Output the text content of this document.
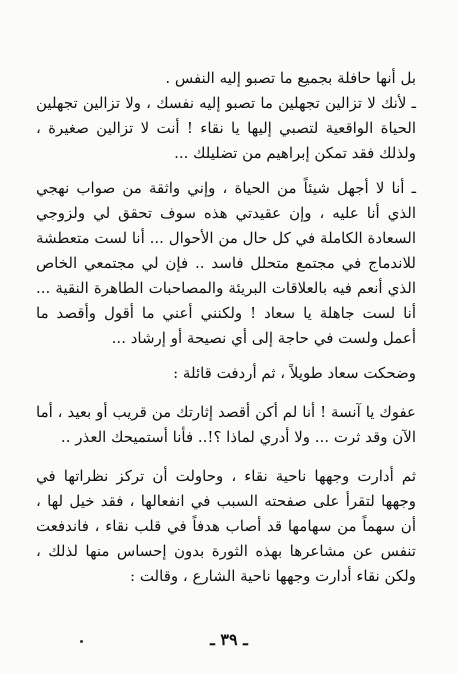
بل أنها حافلة بجميع ما تصبو إليه النفس .

ـ لأنك لا تزالين تجهلين ما تصبو إليه نفسك ، ولا تزالين تجهلين الحياة الواقعية لتصبي إليها يا نقاء ! أنت لا تزالين صغيرة ، ولذلك فقد تمكن إبراهيم من تضليلك ...

ـ أنا لا أجهل شيئاً من الحياة ، وإني واثقة من صواب نهجي الذي أنا عليه ، وإن عقيدتي هذه سوف تحقق لي ولزوجي السعادة الكاملة في كل حال من الأحوال ... أنا لست متعطشة للاندماج في مجتمع متحلل فاسد .. فإن لي مجتمعي الخاص الذي أنعم فيه بالعلاقات البريئة والمصاحبات الطاهرة النقية ... أنا لست جاهلة يا سعاد ! ولكنني أعني ما أقول وأقصد ما أعمل ولست في حاجة إلى أي نصيحة أو إرشاد ...

وضحكت سعاد طويلاً ، ثم أردفت قائلة :

عفوك يا آنسة ! أنا لم أكن أقصد إثارتك من قريب أو بعيد ، أما الآن وقد ثرت ... ولا أدري لماذا ؟!.. فأنا أستميحك العذر ..

ثم أدارت وجهها ناحية نقاء ، وحاولت أن تركز نظراتها في وجهها لتقرأ على صفحته السبب في انفعالها ، فقد خيل لها ، أن سهماً من سهامها قد أصاب هدفاً في قلب نقاء ، فاندفعت تنفس عن مشاعرها بهذه الثورة بدون إحساس منها لذلك ، ولكن نقاء أدارت وجهها ناحية الشارع ، وقالت :

ـ ٣٩ ـ
